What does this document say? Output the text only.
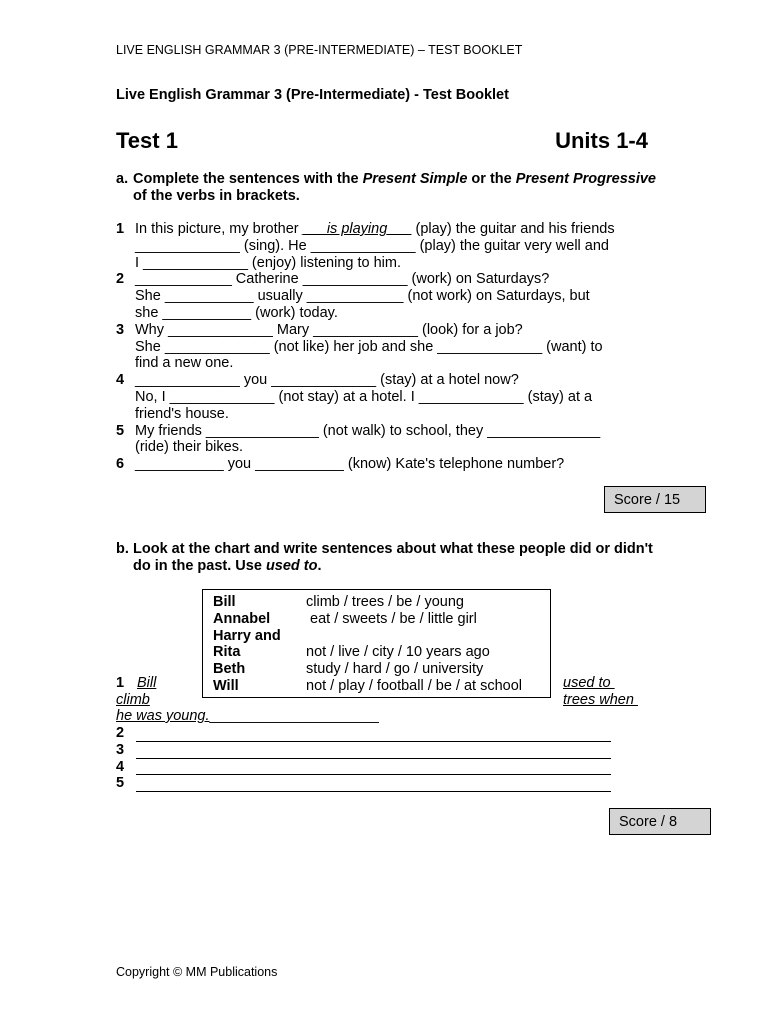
LIVE ENGLISH GRAMMAR 3 (PRE-INTERMEDIATE) – TEST BOOKLET
Live English Grammar 3 (Pre-Intermediate) - Test Booklet
Test 1	Units 1-4
a. Complete the sentences with the Present Simple or the Present Progressive of the verbs in brackets.
1 In this picture, my brother ___is playing___ (play) the guitar and his friends
_____________ (sing). He _____________ (play) the guitar very well and
I _____________ (enjoy) listening to him.
2 ____________ Catherine _____________ (work) on Saturdays?
She ___________ usually ____________ (not work) on Saturdays, but
she ___________ (work) today.
3 Why _____________ Mary _____________ (look) for a job?
She _____________ (not like) her job and she _____________ (want) to
find a new one.
4 _____________ you _____________ (stay) at a hotel now?
No, I _____________ (not stay) at a hotel. I _____________ (stay) at a
friend's house.
5 My friends ______________ (not walk) to school, they ______________
(ride) their bikes.
6 ___________ you ___________ (know) Kate's telephone number?
Score / 15
b. Look at the chart and write sentences about what these people did or didn't do in the past. Use used to.
Bill	climb / trees / be / young
Annabel	eat / sweets / be / little girl
Harry and
Rita	not / live / city / 10 years ago
Beth	study / hard / go / university
Will	not / play / football / be / at school
1 Bill
climb
used to
trees when
he was young._____________________
2
3
4
5
Score / 8
Copyright © MM Publications
